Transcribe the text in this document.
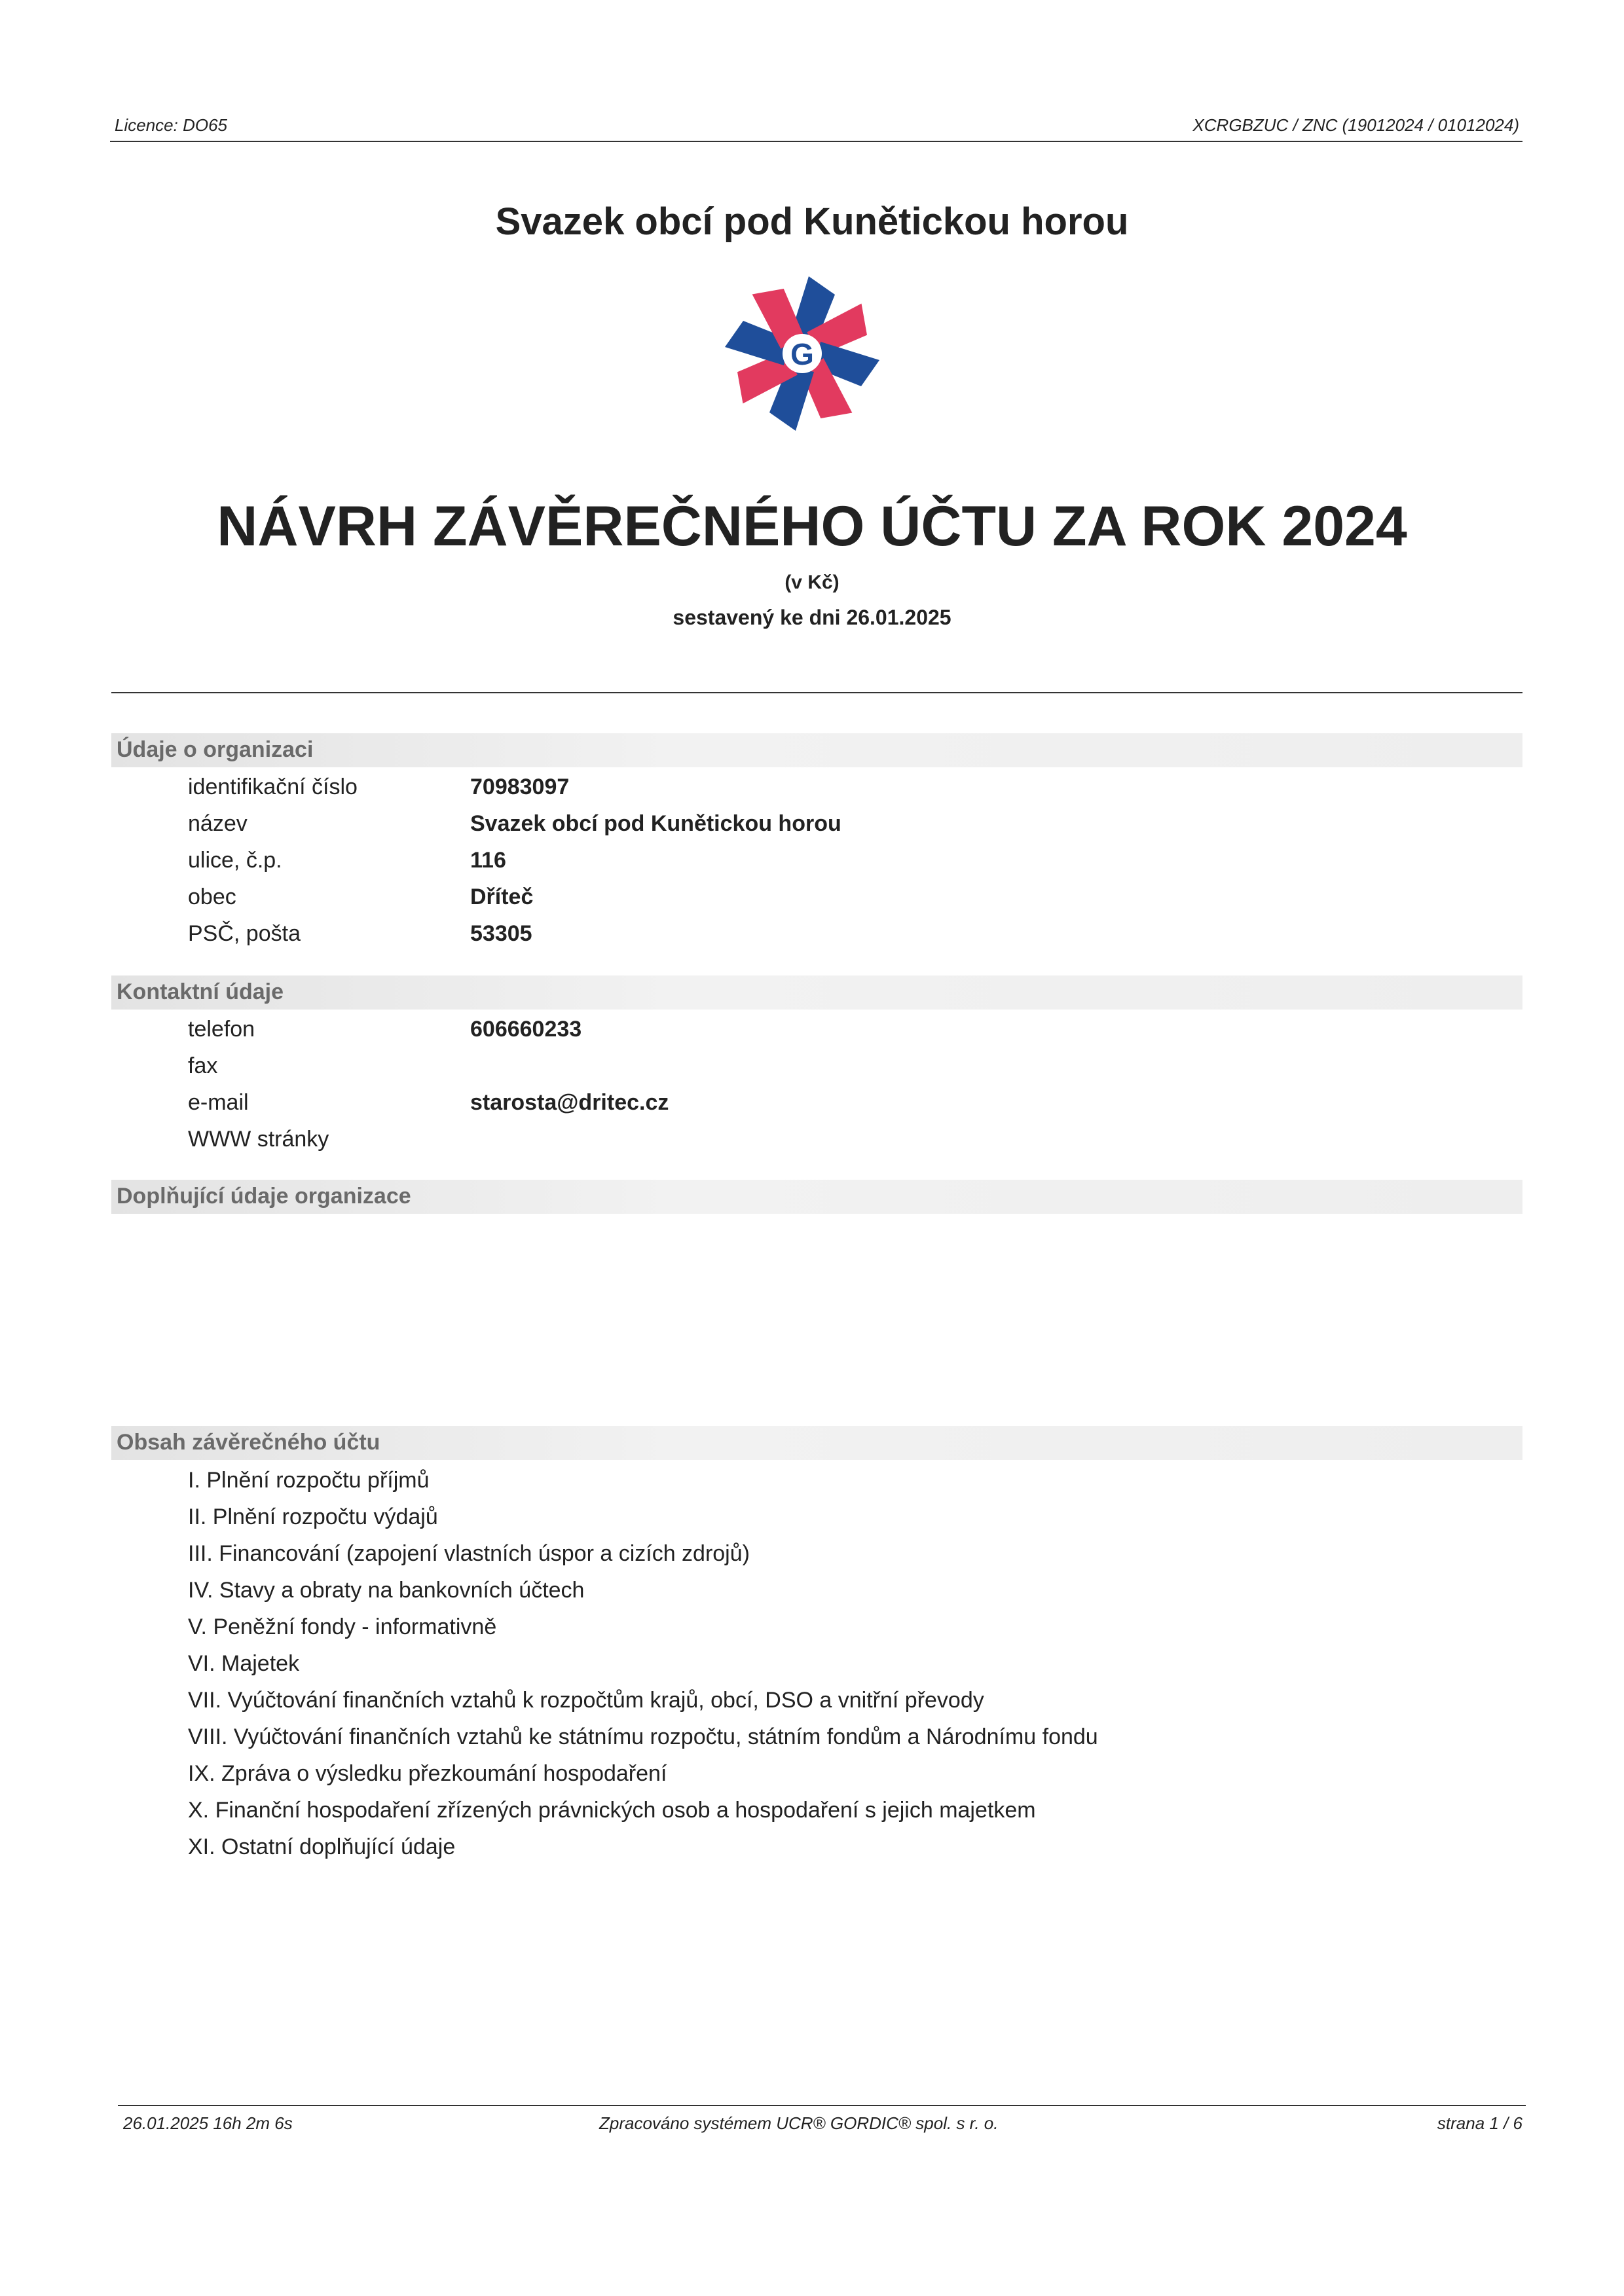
Licence: DO65	XCRGBZUC / ZNC (19012024 / 01012024)
Svazek obcí pod Kunětickou horou
G
NÁVRH ZÁVĚREČNÉHO ÚČTU ZA ROK 2024
(v Kč)
sestavený ke dni 26.01.2025
Údaje o organizaci
identifikační číslo	70983097
název	Svazek obcí pod Kunětickou horou
ulice, č.p.	116
obec	Dříteč
PSČ, pošta	53305
Kontaktní údaje
telefon	606660233
fax
e-mail	starosta@dritec.cz
WWW stránky
Doplňující údaje organizace
Obsah závěrečného účtu
I. Plnění rozpočtu příjmů
II. Plnění rozpočtu výdajů
III. Financování (zapojení vlastních úspor a cizích zdrojů)
IV. Stavy a obraty na bankovních účtech
V. Peněžní fondy - informativně
VI. Majetek
VII. Vyúčtování finančních vztahů k rozpočtům krajů, obcí, DSO a vnitřní převody
VIII. Vyúčtování finančních vztahů ke státnímu rozpočtu, státním fondům a Národnímu fondu
IX. Zpráva o výsledku přezkoumání hospodaření
X. Finanční hospodaření zřízených právnických osob a hospodaření s jejich majetkem
XI. Ostatní doplňující údaje
26.01.2025 16h 2m 6s	Zpracováno systémem UCR® GORDIC® spol. s r. o.	strana 1 / 6
